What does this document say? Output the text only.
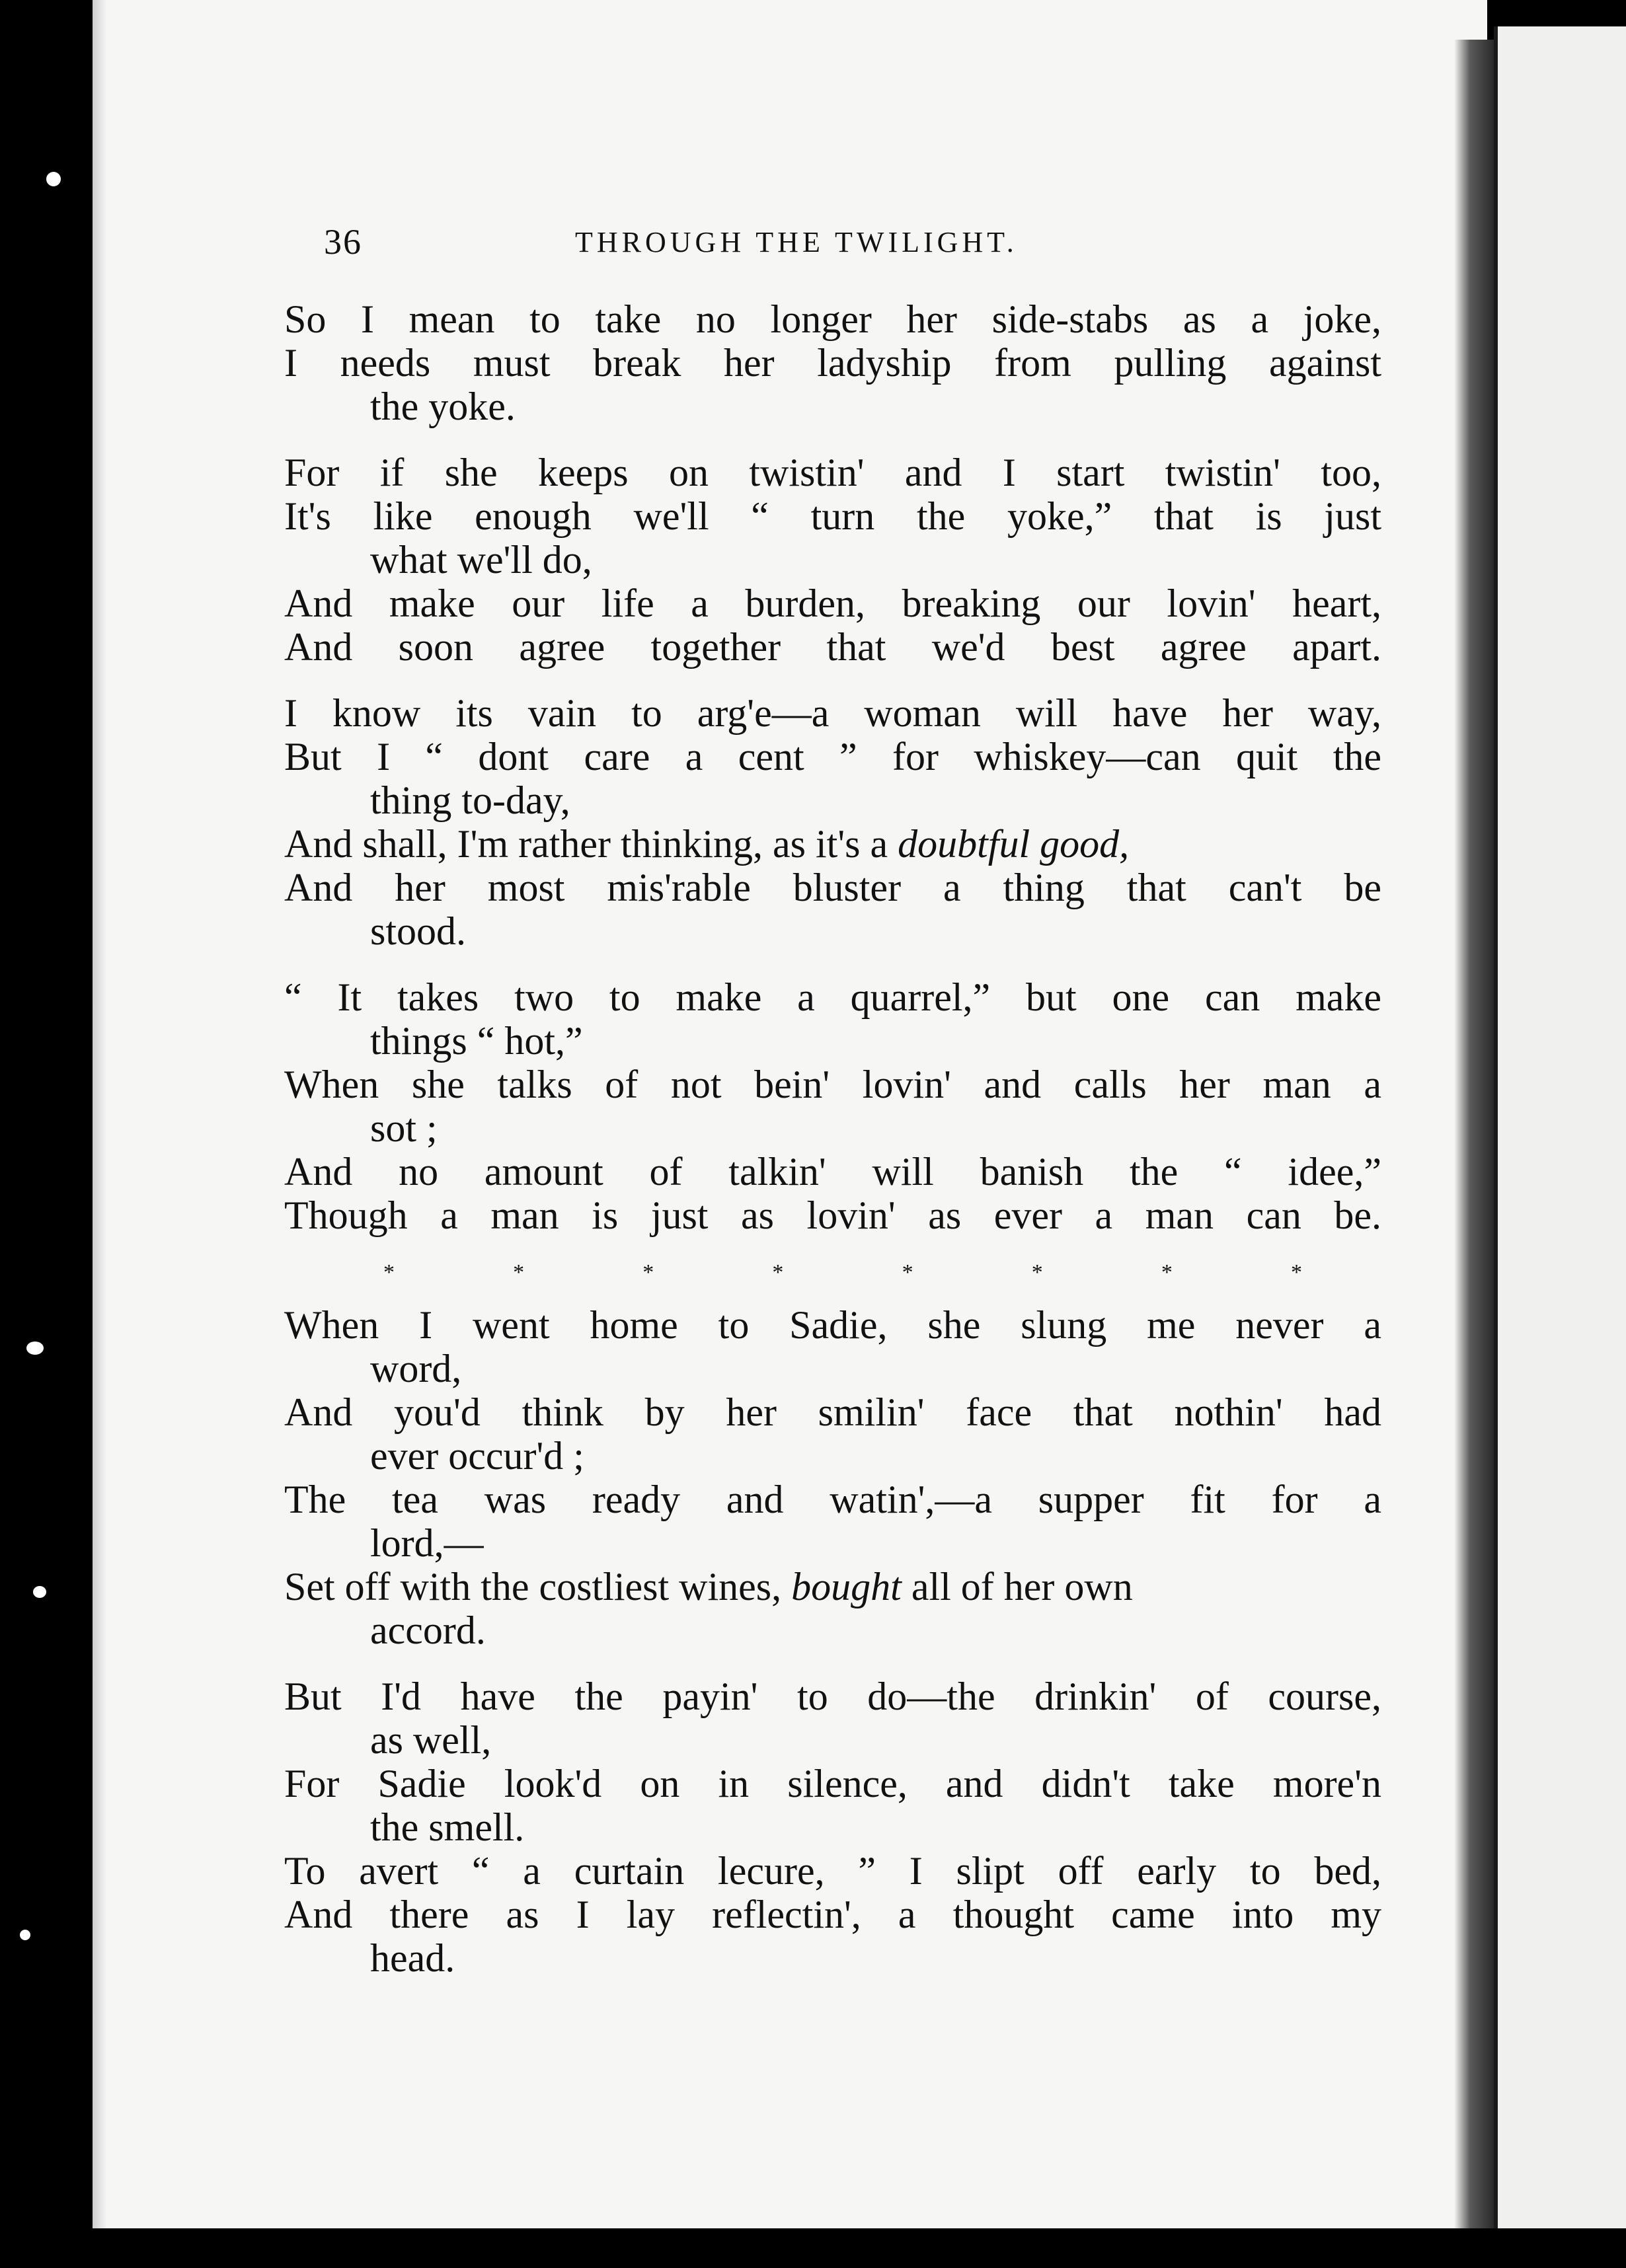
36	THROUGH THE TWILIGHT.
So I mean to take no longer her side-stabs as a joke,
I needs must break her ladyship from pulling against
the yoke.
For if she keeps on twistin' and I start twistin' too,
It's like enough we'll “ turn the yoke,” that is just
what we'll do,
And make our life a burden, breaking our lovin' heart,
And soon agree together that we'd best agree apart.
I know its vain to arg'e—a woman will have her way,
But I “ dont care a cent ” for whiskey—can quit the
thing to-day,
And shall, I'm rather thinking, as it's a doubtful good,
And her most mis'rable bluster a thing that can't be
stood.
“ It takes two to make a quarrel,” but one can make
things “ hot,”
When she talks of not bein' lovin' and calls her man a
sot ;
And no amount of talkin' will banish the “ idee,”
Though a man is just as lovin' as ever a man can be.
*	*	*	*	*	*	*	*
When I went home to Sadie, she slung me never a
word,
And you'd think by her smilin' face that nothin' had
ever occur'd ;
The tea was ready and watin',—a supper fit for a
lord,—
Set off with the costliest wines, bought all of her own
accord.
But I'd have the payin' to do—the drinkin' of course,
as well,
For Sadie look'd on in silence, and didn't take more'n
the smell.
To avert “ a curtain lecure, ” I slipt off early to bed,
And there as I lay reflectin', a thought came into my
head.
